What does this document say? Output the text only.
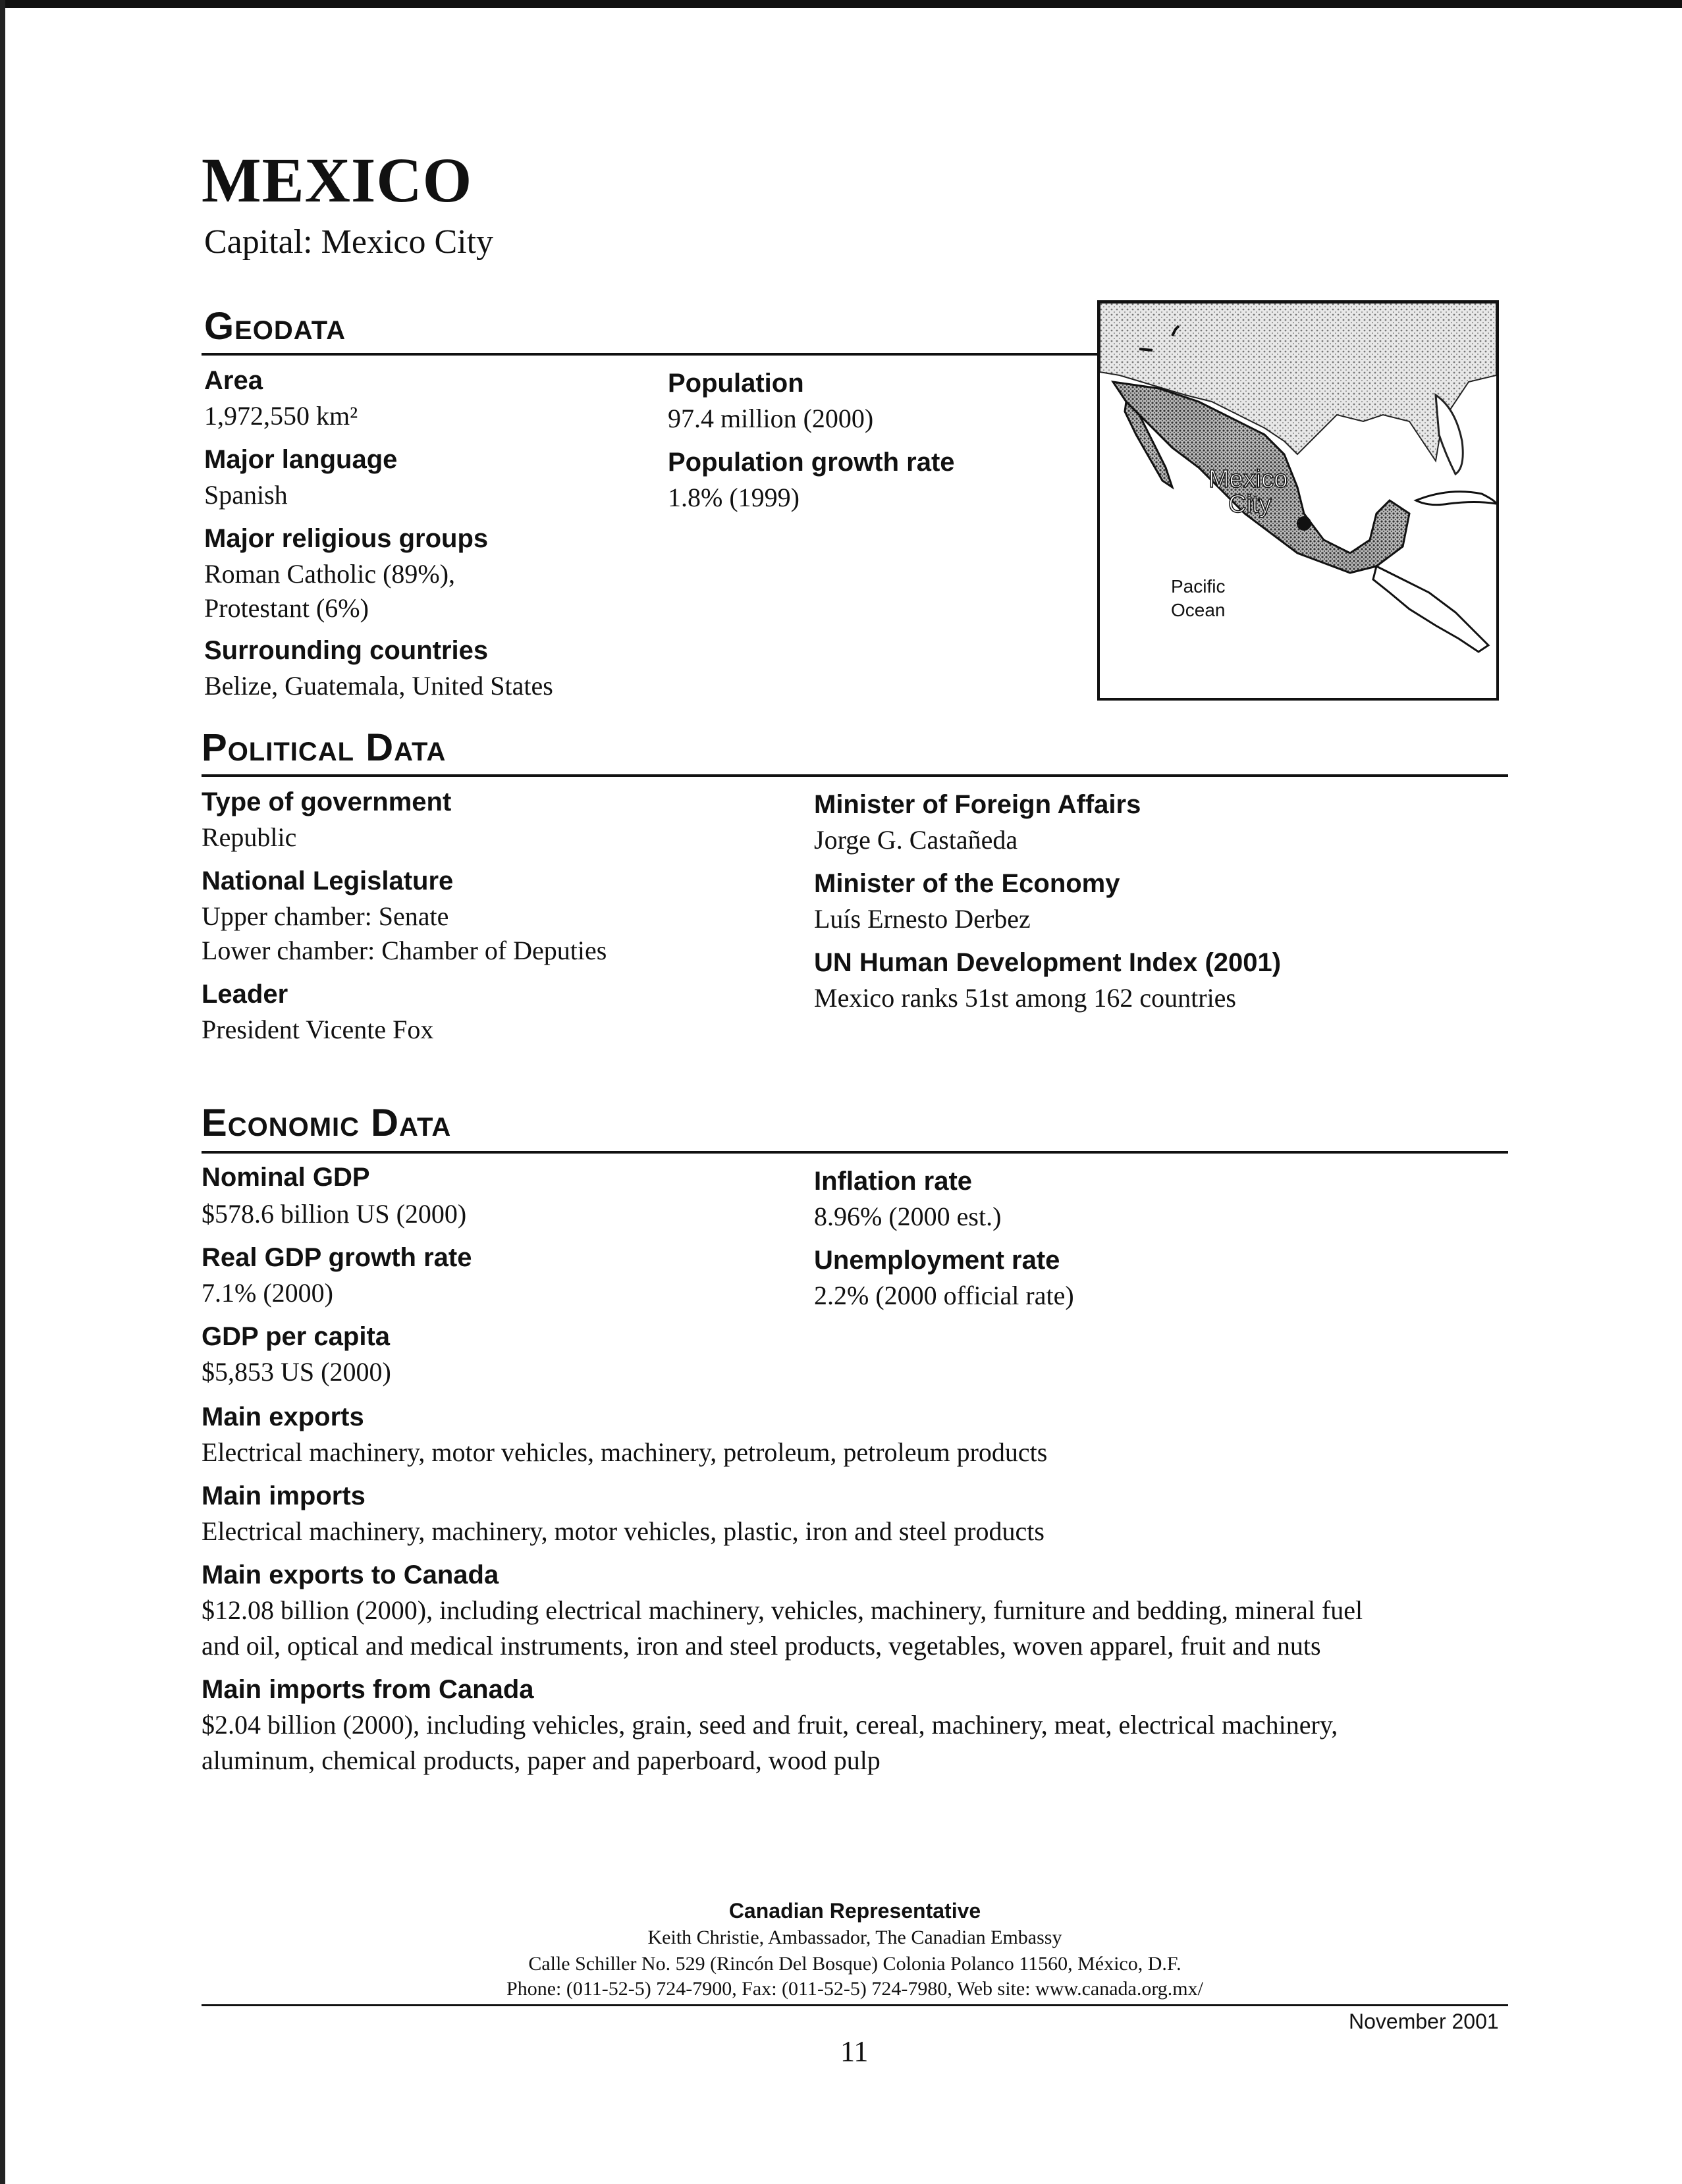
MEXICO
Capital: Mexico City
GEODATA
Area
1,972,550 km²
Major language
Spanish
Major religious groups
Roman Catholic (89%),
Protestant (6%)
Surrounding countries
Belize, Guatemala, United States
Population
97.4 million (2000)
Population growth rate
1.8% (1999)
Mexico
City
Pacific
Ocean
POLITICAL DATA
Type of government
Republic
National Legislature
Upper chamber: Senate
Lower chamber: Chamber of Deputies
Leader
President Vicente Fox
Minister of Foreign Affairs
Jorge G. Castañeda
Minister of the Economy
Luís Ernesto Derbez
UN Human Development Index (2001)
Mexico ranks 51st among 162 countries
ECONOMIC DATA
Nominal GDP
$578.6 billion US (2000)
Real GDP growth rate
7.1% (2000)
GDP per capita
$5,853 US (2000)
Inflation rate
8.96% (2000 est.)
Unemployment rate
2.2% (2000 official rate)
Main exports
Electrical machinery, motor vehicles, machinery, petroleum, petroleum products
Main imports
Electrical machinery, machinery, motor vehicles, plastic, iron and steel products
Main exports to Canada
$12.08 billion (2000), including electrical machinery, vehicles, machinery, furniture and bedding, mineral fuel
and oil, optical and medical instruments, iron and steel products, vegetables, woven apparel, fruit and nuts
Main imports from Canada
$2.04 billion (2000), including vehicles, grain, seed and fruit, cereal, machinery, meat, electrical machinery,
aluminum, chemical products, paper and paperboard, wood pulp
Canadian Representative
Keith Christie, Ambassador, The Canadian Embassy
Calle Schiller No. 529 (Rincón Del Bosque) Colonia Polanco 11560, México, D.F.
Phone: (011-52-5) 724-7900, Fax: (011-52-5) 724-7980, Web site: www.canada.org.mx/
November 2001
11
